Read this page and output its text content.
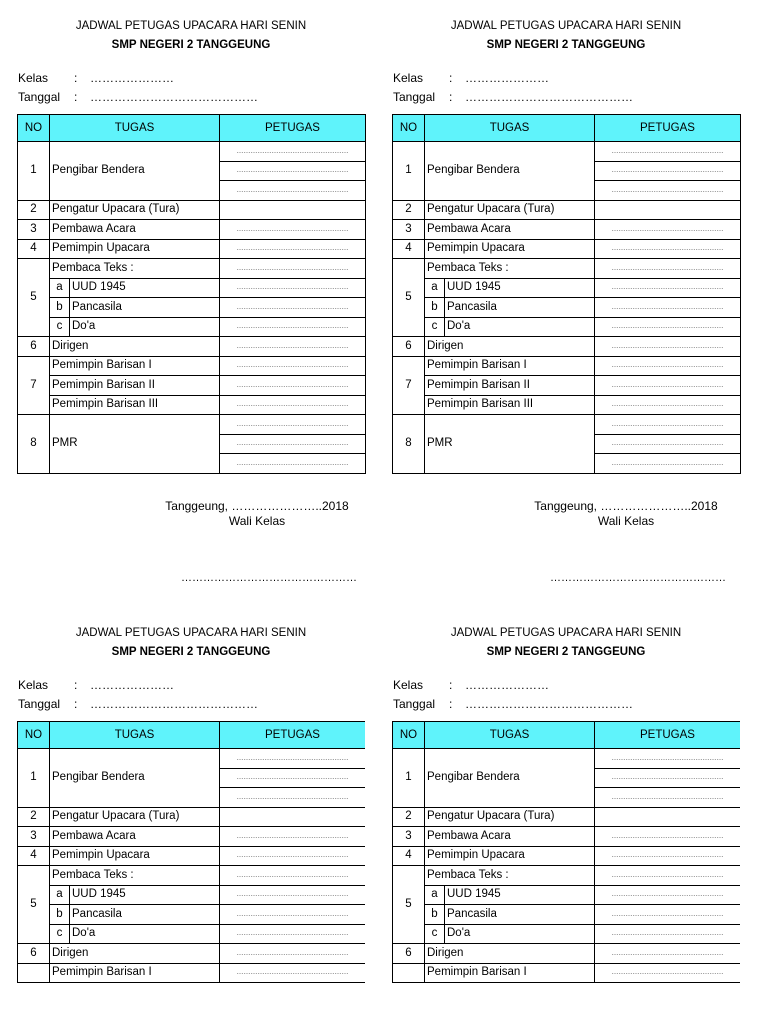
JADWAL PETUGAS UPACARA HARI SENIN
SMP NEGERI 2 TANGGEUNG
Kelas : …………………
Tanggal : ……………………………………
NO	TUGAS		PETUGAS
1	Pengibar Bendera		…………………………………………
			…………………………………………
			…………………………………………
2	Pengatur Upacara (Tura)		
3	Pembawa Acara		…………………………………………
4	Pemimpin Upacara		…………………………………………
5	Pembaca Teks :		…………………………………………
	a	UUD 1945	…………………………………………
	b	Pancasila	…………………………………………
	c	Do'a	…………………………………………
6	Dirigen		…………………………………………
7	Pemimpin Barisan I		…………………………………………
	Pemimpin Barisan II		…………………………………………
	Pemimpin Barisan III		…………………………………………
8	PMR		…………………………………………
			…………………………………………
			…………………………………………
Tanggeung, …………………..2018
Wali Kelas
…………………………………………
JADWAL PETUGAS UPACARA HARI SENIN
SMP NEGERI 2 TANGGEUNG
Kelas : …………………
Tanggal : ……………………………………
NO	TUGAS		PETUGAS
1	Pengibar Bendera		…………………………………………
			…………………………………………
			…………………………………………
2	Pengatur Upacara (Tura)		
3	Pembawa Acara		…………………………………………
4	Pemimpin Upacara		…………………………………………
5	Pembaca Teks :		…………………………………………
	a	UUD 1945	…………………………………………
	b	Pancasila	…………………………………………
	c	Do'a	…………………………………………
6	Dirigen		…………………………………………
7	Pemimpin Barisan I		…………………………………………
	Pemimpin Barisan II		…………………………………………
	Pemimpin Barisan III		…………………………………………
8	PMR		…………………………………………
			…………………………………………
			…………………………………………
Tanggeung, …………………..2018
Wali Kelas
…………………………………………
JADWAL PETUGAS UPACARA HARI SENIN
SMP NEGERI 2 TANGGEUNG
Kelas : …………………
Tanggal : ……………………………………
NO	TUGAS		PETUGAS
1	Pengibar Bendera		…………………………………………
			…………………………………………
			…………………………………………
2	Pengatur Upacara (Tura)		
3	Pembawa Acara		…………………………………………
4	Pemimpin Upacara		…………………………………………
5	Pembaca Teks :		…………………………………………
	a	UUD 1945	…………………………………………
	b	Pancasila	…………………………………………
	c	Do'a	…………………………………………
6	Dirigen		…………………………………………
	Pemimpin Barisan I		…………………………………………
JADWAL PETUGAS UPACARA HARI SENIN
SMP NEGERI 2 TANGGEUNG
Kelas : …………………
Tanggal : ……………………………………
NO	TUGAS		PETUGAS
1	Pengibar Bendera		…………………………………………
			…………………………………………
			…………………………………………
2	Pengatur Upacara (Tura)		
3	Pembawa Acara		…………………………………………
4	Pemimpin Upacara		…………………………………………
5	Pembaca Teks :		…………………………………………
	a	UUD 1945	…………………………………………
	b	Pancasila	…………………………………………
	c	Do'a	…………………………………………
6	Dirigen		…………………………………………
	Pemimpin Barisan I		…………………………………………
